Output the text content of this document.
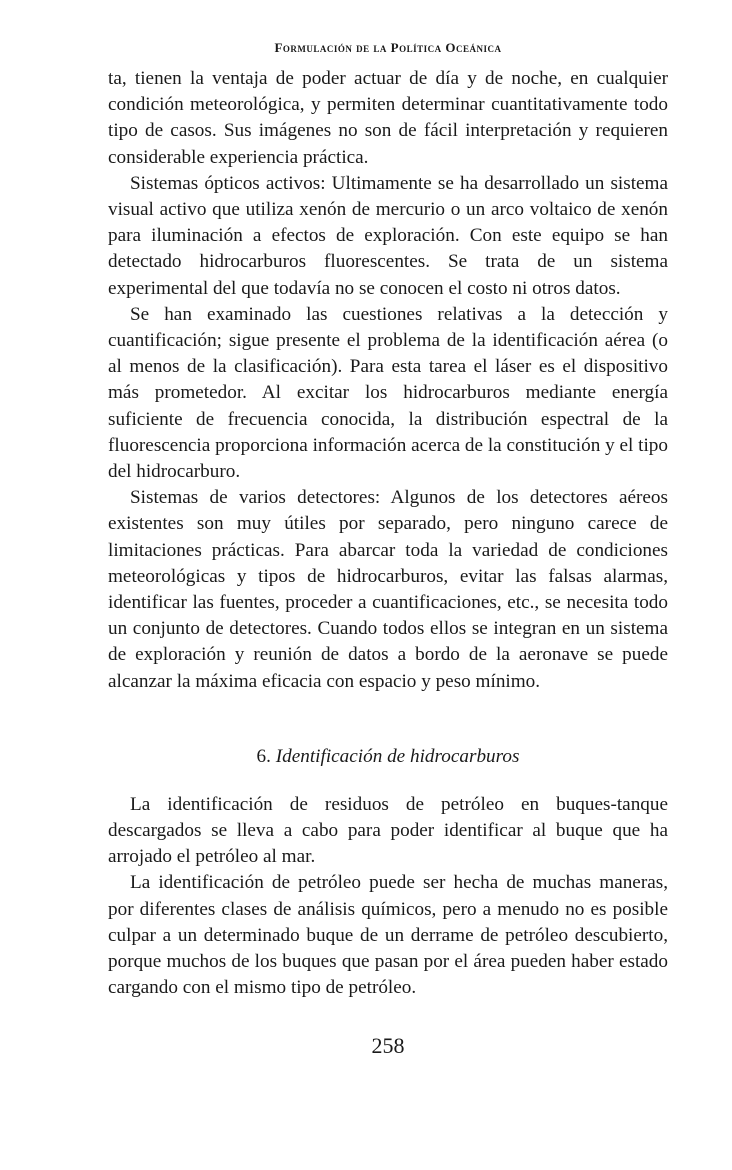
Formulación de la Política Oceánica

ta, tienen la ventaja de poder actuar de día y de noche, en cualquier condición meteorológica, y permiten determinar cuantitativamente todo tipo de casos. Sus imágenes no son de fácil interpretación y requieren considerable experiencia práctica.

Sistemas ópticos activos: Ultimamente se ha desarrollado un sistema visual activo que utiliza xenón de mercurio o un arco voltaico de xenón para iluminación a efectos de exploración. Con este equipo se han detectado hidrocarburos fluorescentes. Se trata de un sistema experimental del que todavía no se conocen el costo ni otros datos.

Se han examinado las cuestiones relativas a la detección y cuantificación; sigue presente el problema de la identificación aérea (o al menos de la clasificación). Para esta tarea el láser es el dispositivo más prometedor. Al excitar los hidrocarburos mediante energía suficiente de frecuencia conocida, la distribución espectral de la fluorescencia proporciona información acerca de la constitución y el tipo del hidrocarburo.

Sistemas de varios detectores: Algunos de los detectores aéreos existentes son muy útiles por separado, pero ninguno carece de limitaciones prácticas. Para abarcar toda la variedad de condiciones meteorológicas y tipos de hidrocarburos, evitar las falsas alarmas, identificar las fuentes, proceder a cuantificaciones, etc., se necesita todo un conjunto de detectores. Cuando todos ellos se integran en un sistema de exploración y reunión de datos a bordo de la aeronave se puede alcanzar la máxima eficacia con espacio y peso mínimo.

6. Identificación de hidrocarburos

La identificación de residuos de petróleo en buques-tanque descargados se lleva a cabo para poder identificar al buque que ha arrojado el petróleo al mar.

La identificación de petróleo puede ser hecha de muchas maneras, por diferentes clases de análisis químicos, pero a menudo no es posible culpar a un determinado buque de un derrame de petróleo descubierto, porque muchos de los buques que pasan por el área pueden haber estado cargando con el mismo tipo de petróleo.

258
